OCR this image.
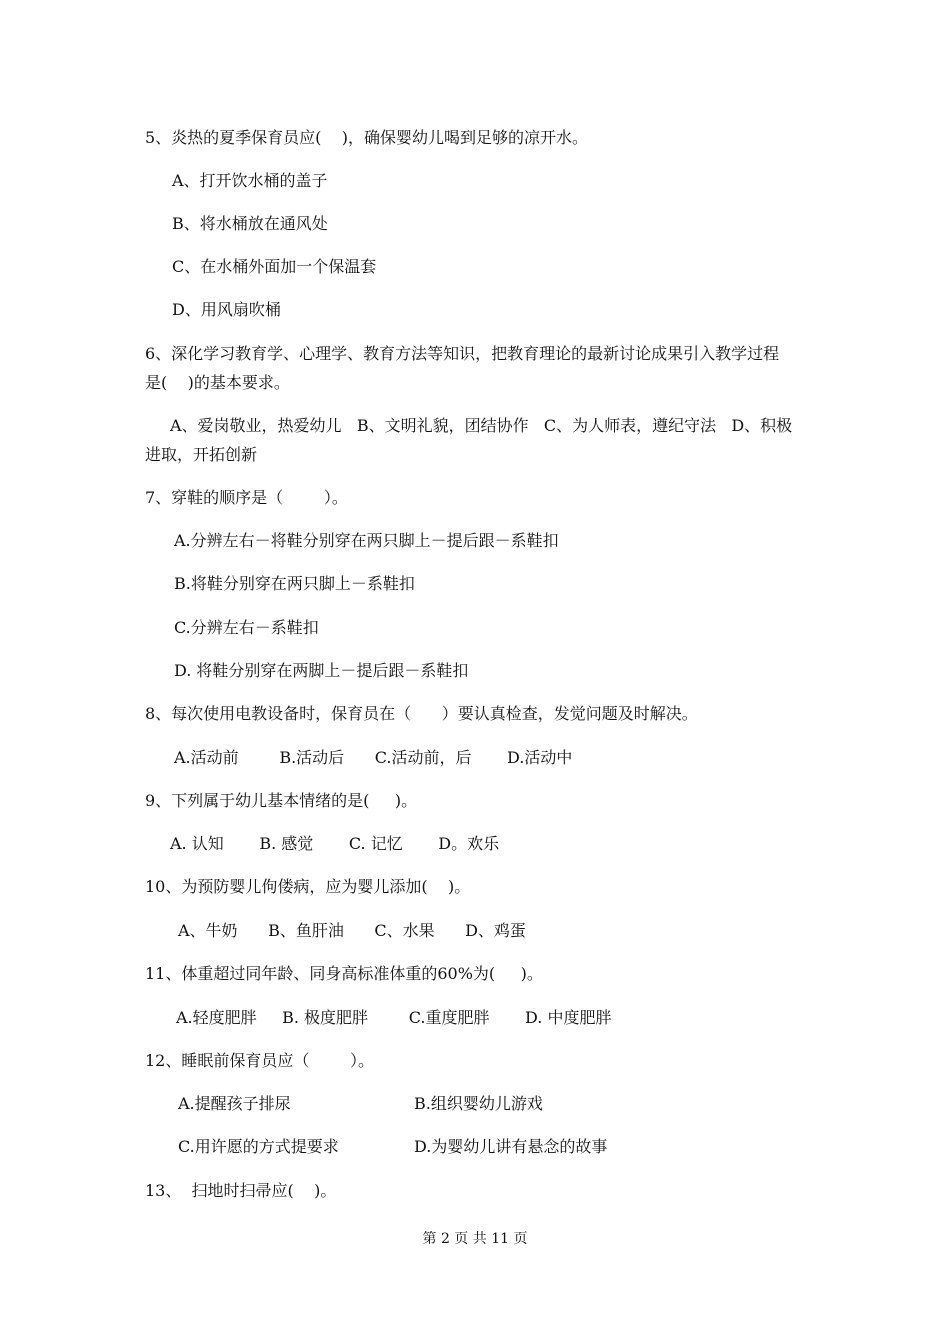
5、炎热的夏季保育员应(    )，确保婴幼儿喝到足够的凉开水。
A、打开饮水桶的盖子
B、将水桶放在通风处
C、在水桶外面加一个保温套
D、用风扇吹桶
6、深化学习教育学、心理学、教育方法等知识，把教育理论的最新讨论成果引入教学过程
是(    )的基本要求。
A、爱岗敬业，热爱幼儿   B、文明礼貌，团结协作   C、为人师表，遵纪守法   D、积极
进取，开拓创新
7、穿鞋的顺序是（        ）。
A.分辨左右－将鞋分别穿在两只脚上－提后跟－系鞋扣
B.将鞋分别穿在两只脚上－系鞋扣
C.分辨左右－系鞋扣
D. 将鞋分别穿在两脚上－提后跟－系鞋扣
8、每次使用电教设备时，保育员在（      ）要认真检查，发觉问题及时解决。
A.活动前        B.活动后      C.活动前，后       D.活动中
9、下列属于幼儿基本情绪的是(     )。
A. 认知       B. 感觉       C. 记忆       D。欢乐
10、为预防婴儿佝偻病，应为婴儿添加(    )。
A、牛奶      B、鱼肝油      C、水果      D、鸡蛋
11、体重超过同年龄、同身高标准体重的60%为(     )。
A.轻度肥胖     B. 极度肥胖        C.重度肥胖       D. 中度肥胖
12、睡眠前保育员应（        ）。
A.提醒孩子排尿	B.组织婴幼儿游戏
C.用许愿的方式提要求	D.为婴幼儿讲有悬念的故事
13、  扫地时扫帚应(    )。
第 2 页 共 11 页
